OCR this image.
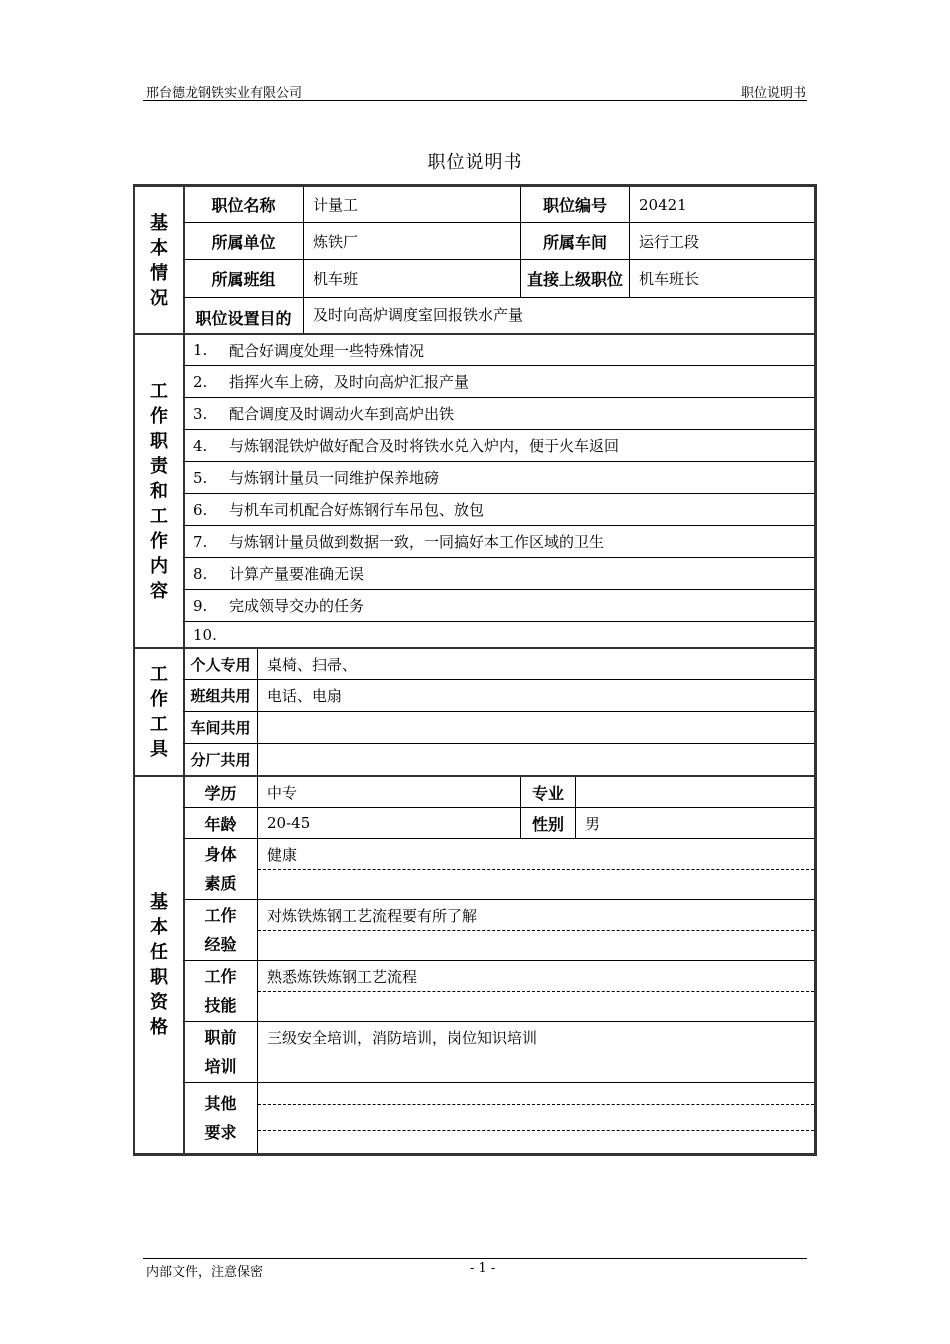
邢台德龙钢铁实业有限公司	职位说明书
职位说明书
基
本
情
况
职位名称	计量工	职位编号	20421
所属单位	炼铁厂	所属车间	运行工段
所属班组	机车班	直接上级职位	机车班长
职位设置目的	及时向高炉调度室回报铁水产量
工
作
职
责
和
工
作
内
容
1.	配合好调度处理一些特殊情况
2.	指挥火车上磅，及时向高炉汇报产量
3.	配合调度及时调动火车到高炉出铁
4.	与炼钢混铁炉做好配合及时将铁水兑入炉内，便于火车返回
5.	与炼钢计量员一同维护保养地磅
6.	与机车司机配合好炼钢行车吊包、放包
7.	与炼钢计量员做到数据一致，一同搞好本工作区域的卫生
8.	计算产量要准确无误
9.	完成领导交办的任务
10.
工
作
工
具
个人专用	桌椅、扫帚、
班组共用	电话、电扇
车间共用
分厂共用
基
本
任
职
资
格
学历	中专	专业
年龄	20-45	性别	男
身体
素质
健康
工作
经验
对炼铁炼钢工艺流程要有所了解
工作
技能
熟悉炼铁炼钢工艺流程
职前
培训
三级安全培训，消防培训，岗位知识培训
其他
要求
内部文件，注意保密	- 1 -
